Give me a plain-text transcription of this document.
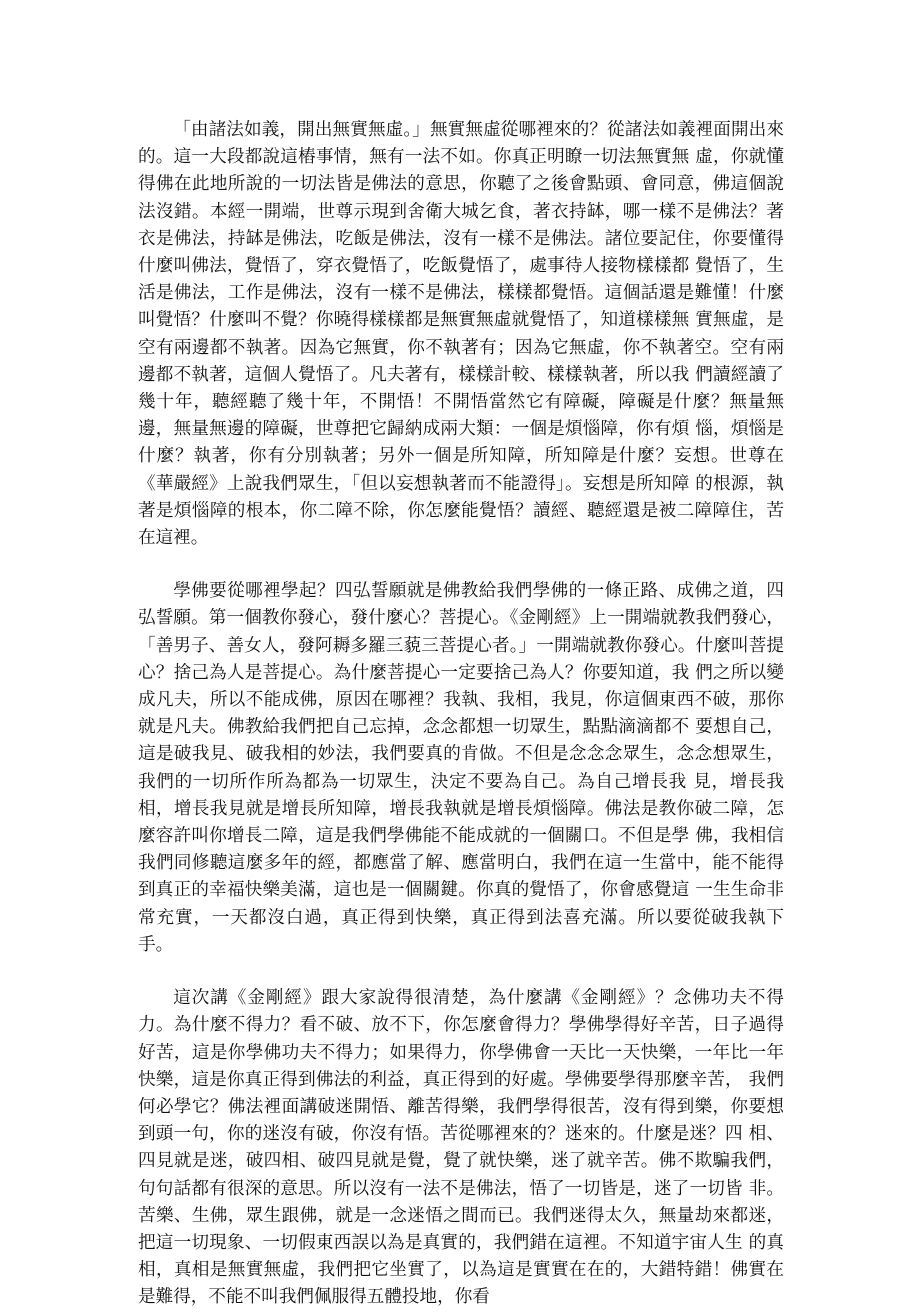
「由諸法如義，開出無實無虛。」無實無虛從哪裡來的？從諸法如義裡面開出來的。這一大段都說這樁事情，無有一法不如。你真正明瞭一切法無實無 虛，你就懂得佛在此地所說的一切法皆是佛法的意思，你聽了之後會點頭、會同意，佛這個說法沒錯。本經一開端，世尊示現到舍衛大城乞食，著衣持缽，哪一樣不是佛法？著衣是佛法，持缽是佛法，吃飯是佛法，沒有一樣不是佛法。諸位要記住，你要懂得什麼叫佛法，覺悟了，穿衣覺悟了，吃飯覺悟了，處事待人接物樣樣都 覺悟了，生活是佛法，工作是佛法，沒有一樣不是佛法，樣樣都覺悟。這個話還是難懂！什麼叫覺悟？什麼叫不覺？你曉得樣樣都是無實無虛就覺悟了，知道樣樣無 實無虛，是空有兩邊都不執著。因為它無實，你不執著有；因為它無虛，你不執著空。空有兩邊都不執著，這個人覺悟了。凡夫著有，樣樣計較、樣樣執著，所以我 們讀經讀了幾十年，聽經聽了幾十年，不開悟！不開悟當然它有障礙，障礙是什麼？無量無邊，無量無邊的障礙，世尊把它歸納成兩大類：一個是煩惱障，你有煩 惱，煩惱是什麼？執著，你有分別執著；另外一個是所知障，所知障是什麼？妄想。世尊在《華嚴經》上說我們眾生，「但以妄想執著而不能證得」。妄想是所知障 的根源，執著是煩惱障的根本，你二障不除，你怎麼能覺悟？讀經、聽經還是被二障障住，苦在這裡。

學佛要從哪裡學起？四弘誓願就是佛教給我們學佛的一條正路、成佛之道，四弘誓願。第一個教你發心，發什麼心？菩提心。《金剛經》上一開端就教我們發心，「善男子、善女人，發阿耨多羅三藐三菩提心者。」一開端就教你發心。什麼叫菩提心？捨己為人是菩提心。為什麼菩提心一定要捨己為人？你要知道，我 們之所以變成凡夫，所以不能成佛，原因在哪裡？我執、我相，我見，你這個東西不破，那你就是凡夫。佛教給我們把自己忘掉，念念都想一切眾生，點點滴滴都不 要想自己，這是破我見、破我相的妙法，我們要真的肯做。不但是念念念眾生，念念想眾生，我們的一切所作所為都為一切眾生，決定不要為自己。為自己增長我 見，增長我相，增長我見就是增長所知障，增長我執就是增長煩惱障。佛法是教你破二障，怎麼容許叫你增長二障，這是我們學佛能不能成就的一個關口。不但是學 佛，我相信我們同修聽這麼多年的經，都應當了解、應當明白，我們在這一生當中，能不能得到真正的幸福快樂美滿，這也是一個關鍵。你真的覺悟了，你會感覺這 一生生命非常充實，一天都沒白過，真正得到快樂，真正得到法喜充滿。所以要從破我執下手。

這次講《金剛經》跟大家說得很清楚，為什麼講《金剛經》？念佛功夫不得力。為什麼不得力？看不破、放不下，你怎麼會得力？學佛學得好辛苦，日子過得好苦，這是你學佛功夫不得力；如果得力，你學佛會一天比一天快樂，一年比一年快樂，這是你真正得到佛法的利益，真正得到的好處。學佛要學得那麼辛苦， 我們何必學它？佛法裡面講破迷開悟、離苦得樂，我們學得很苦，沒有得到樂，你要想到頭一句，你的迷沒有破，你沒有悟。苦從哪裡來的？迷來的。什麼是迷？四 相、四見就是迷，破四相、破四見就是覺，覺了就快樂，迷了就辛苦。佛不欺騙我們，句句話都有很深的意思。所以沒有一法不是佛法，悟了一切皆是，迷了一切皆 非。苦樂、生佛，眾生跟佛，就是一念迷悟之間而已。我們迷得太久，無量劫來都迷，把這一切現象、一切假東西誤以為是真實的，我們錯在這裡。不知道宇宙人生 的真相，真相是無實無虛，我們把它坐實了，以為這是實實在在的，大錯特錯！佛實在是難得，不能不叫我們佩服得五體投地，你看
